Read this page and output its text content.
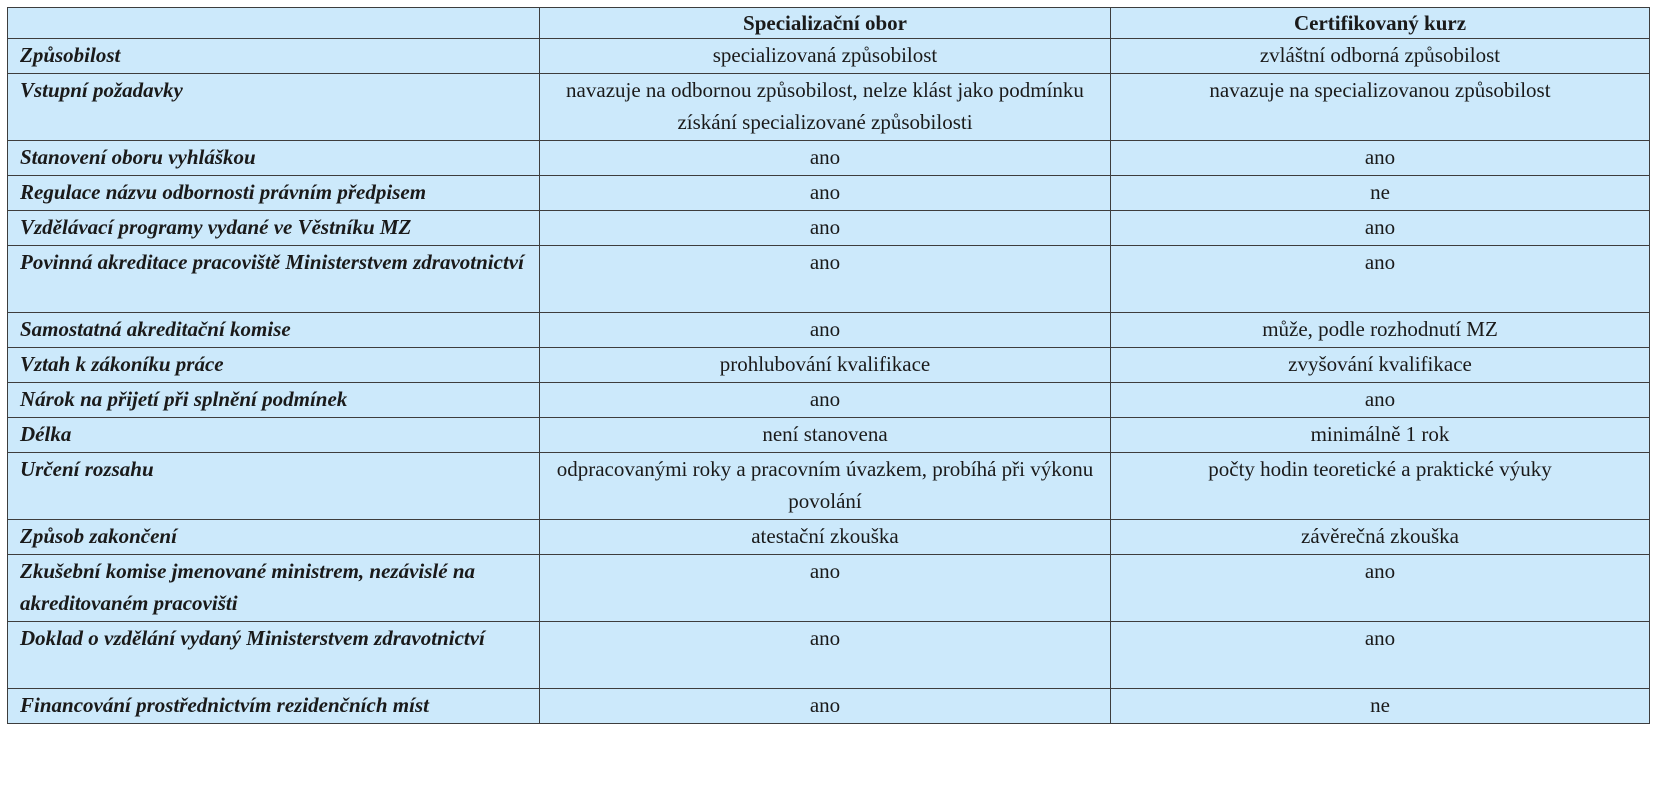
	Specializační obor	Certifikovaný kurz
Způsobilost	specializovaná způsobilost	zvláštní odborná způsobilost
Vstupní požadavky	navazuje na odbornou způsobilost, nelze klást jako podmínku získání specializované způsobilosti	navazuje na specializovanou způsobilost
Stanovení oboru vyhláškou	ano	ano
Regulace názvu odbornosti právním předpisem	ano	ne
Vzdělávací programy vydané ve Věstníku MZ	ano	ano
Povinná akreditace pracoviště Ministerstvem zdravotnictví	ano	ano
Samostatná akreditační komise	ano	může, podle rozhodnutí MZ
Vztah k zákoníku práce	prohlubování kvalifikace	zvyšování kvalifikace
Nárok na přijetí při splnění podmínek	ano	ano
Délka	není stanovena	minimálně 1 rok
Určení rozsahu	odpracovanými roky a pracovním úvazkem, probíhá při výkonu povolání	počty hodin teoretické a praktické výuky
Způsob zakončení	atestační zkouška	závěrečná zkouška
Zkušební komise jmenované ministrem, nezávislé na akreditovaném pracovišti	ano	ano
Doklad o vzdělání vydaný Ministerstvem zdravotnictví	ano	ano
Financování prostřednictvím rezidenčních míst	ano	ne
